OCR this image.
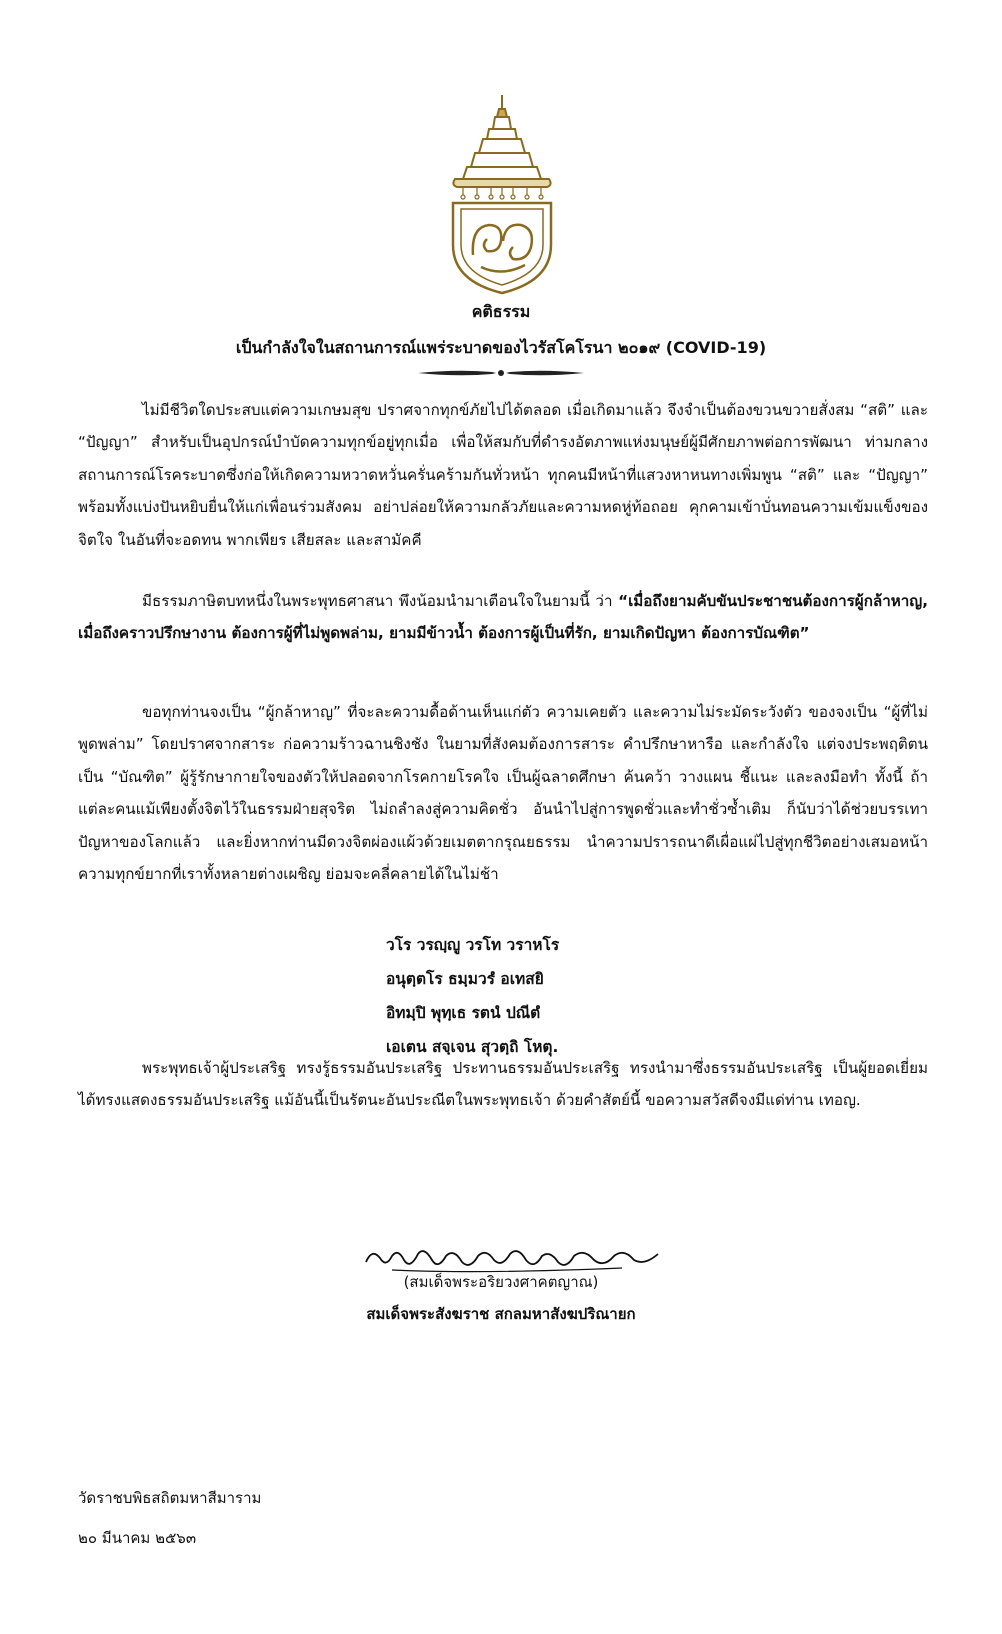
คติธรรม
เป็นกำลังใจในสถานการณ์แพร่ระบาดของไวรัสโคโรนา ๒๐๑๙ (COVID-19)

ไม่มีชีวิตใดประสบแต่ความเกษมสุข ปราศจากทุกข์ภัยไปได้ตลอด เมื่อเกิดมาแล้ว จึงจำเป็นต้องขวนขวายสั่งสม “สติ” และ “ปัญญา” สำหรับเป็นอุปกรณ์บำบัดความทุกข์อยู่ทุกเมื่อ เพื่อให้สมกับที่ดำรงอัตภาพแห่งมนุษย์ผู้มีศักยภาพต่อการพัฒนา ท่ามกลางสถานการณ์โรคระบาดซึ่งก่อให้เกิดความหวาดหวั่นครั่นคร้ามกันทั่วหน้า ทุกคนมีหน้าที่แสวงหาหนทางเพิ่มพูน “สติ” และ “ปัญญา” พร้อมทั้งแบ่งปันหยิบยื่นให้แก่เพื่อนร่วมสังคม อย่าปล่อยให้ความกลัวภัยและความหดหู่ท้อถอย คุกคามเข้าบั่นทอนความเข้มแข็งของจิตใจ ในอันที่จะอดทน พากเพียร เสียสละ และสามัคคี

มีธรรมภาษิตบทหนึ่งในพระพุทธศาสนา พึงน้อมนำมาเตือนใจในยามนี้ ว่า “เมื่อถึงยามคับขันประชาชนต้องการผู้กล้าหาญ, เมื่อถึงคราวปรึกษางาน ต้องการผู้ที่ไม่พูดพล่าม, ยามมีข้าวน้ำ ต้องการผู้เป็นที่รัก, ยามเกิดปัญหา ต้องการบัณฑิต”

ขอทุกท่านจงเป็น “ผู้กล้าหาญ” ที่จะละความดื้อด้านเห็นแก่ตัว ความเคยตัว และความไม่ระมัดระวังตัว ของจงเป็น “ผู้ที่ไม่พูดพล่าม” โดยปราศจากสาระ ก่อความร้าวฉานชิงชัง ในยามที่สังคมต้องการสาระ คำปรึกษาหารือ และกำลังใจ แต่จงประพฤติตนเป็น “บัณฑิต” ผู้รู้รักษากายใจของตัวให้ปลอดจากโรคกายโรคใจ เป็นผู้ฉลาดศึกษา ค้นคว้า วางแผน ชี้แนะ และลงมือทำ ทั้งนี้ ถ้าแต่ละคนแม้เพียงตั้งจิตไว้ในธรรมฝ่ายสุจริต ไม่ถลำลงสู่ความคิดชั่ว อันนำไปสู่การพูดชั่วและทำชั่วซ้ำเติม ก็นับว่าได้ช่วยบรรเทาปัญหาของโลกแล้ว และยิ่งหากท่านมีดวงจิตผ่องแผ้วด้วยเมตตากรุณยธรรม นำความปรารถนาดีเผื่อแผ่ไปสู่ทุกชีวิตอย่างเสมอหน้า ความทุกข์ยากที่เราทั้งหลายต่างเผชิญ ย่อมจะคลี่คลายได้ในไม่ช้า

วโร วรญฺญู วรโท วราหโร
อนุตฺตโร ธมฺมวรํ อเทสยิ
อิทมฺปิ พุทฺเธ รตนํ ปณีตํ
เอเตน สจฺเจน สุวตฺถิ โหตุ.

พระพุทธเจ้าผู้ประเสริฐ ทรงรู้ธรรมอันประเสริฐ ประทานธรรมอันประเสริฐ ทรงนำมาซึ่งธรรมอันประเสริฐ เป็นผู้ยอดเยี่ยม ได้ทรงแสดงธรรมอันประเสริฐ แม้อันนี้เป็นรัตนะอันประณีตในพระพุทธเจ้า ด้วยคำสัตย์นี้ ขอความสวัสดีจงมีแด่ท่าน เทอญ.

(สมเด็จพระอริยวงศาคตญาณ)
สมเด็จพระสังฆราช สกลมหาสังฆปริณายก
วัดราชบพิธสถิตมหาสีมาราม
๒๐ มีนาคม ๒๕๖๓
